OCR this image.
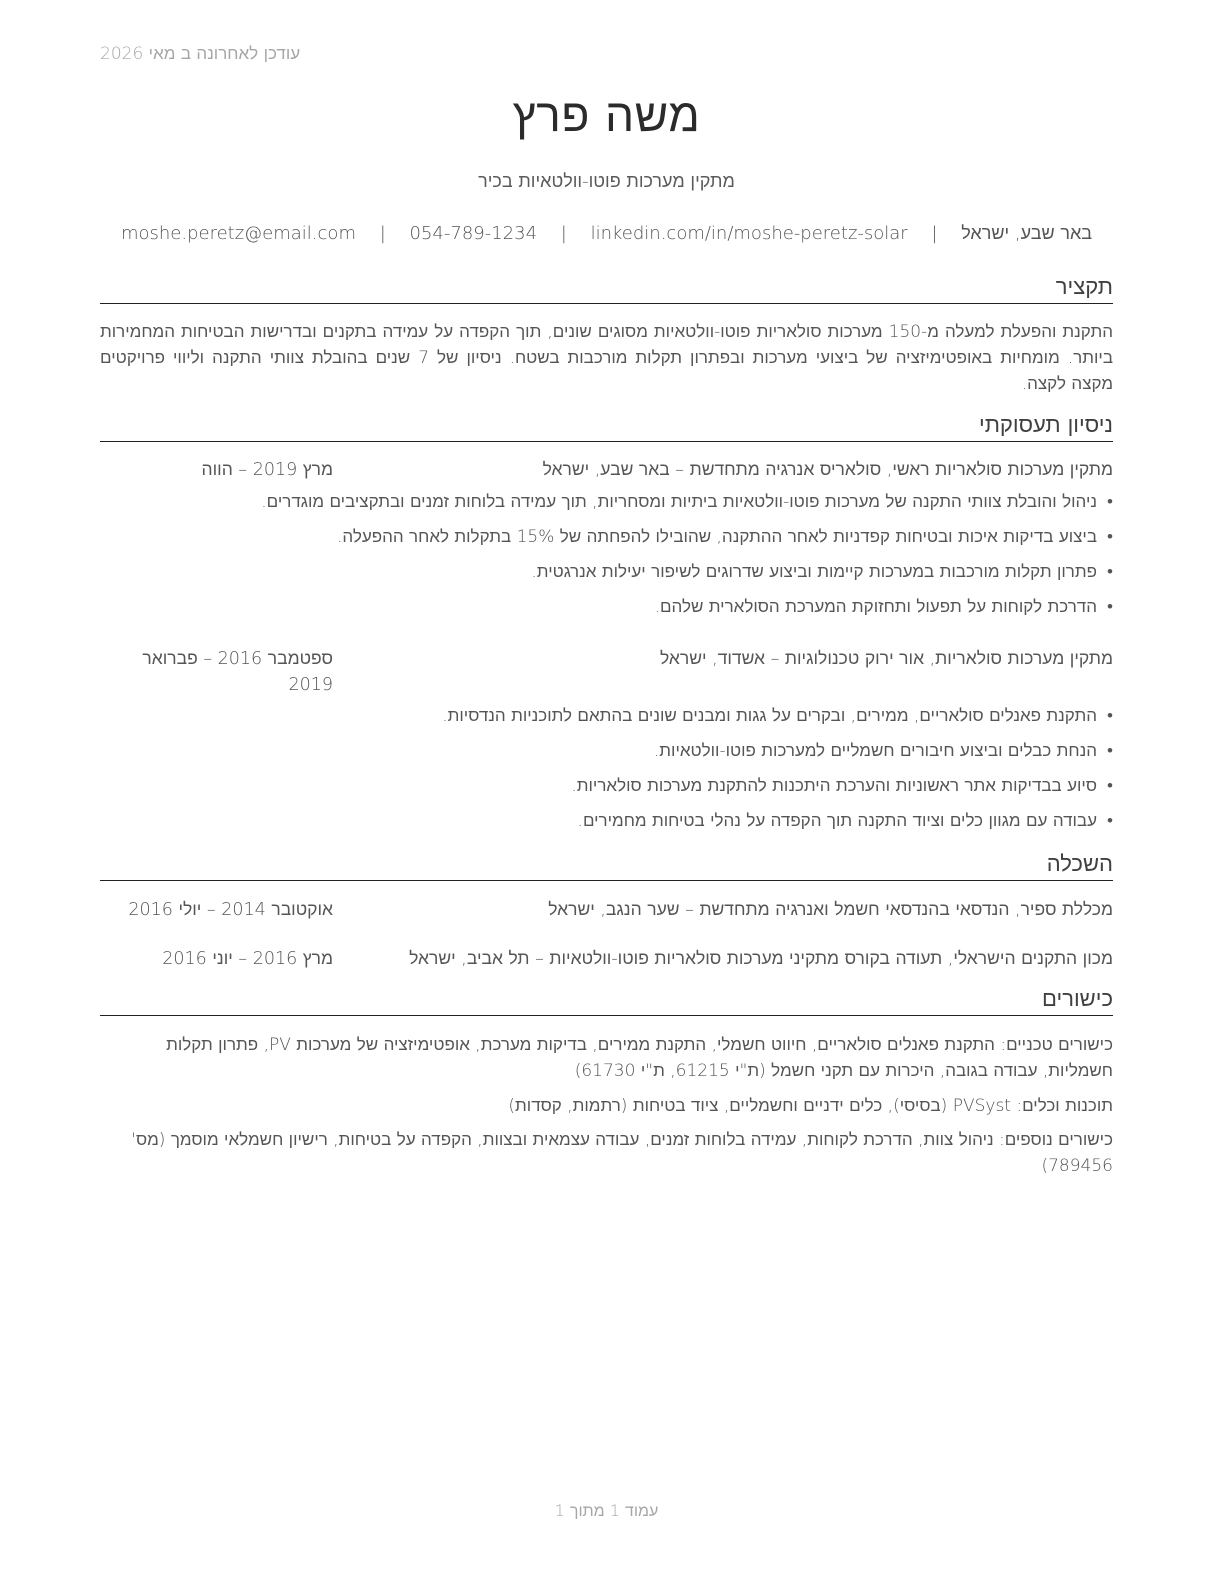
עודכן לאחרונה ב מאי 2026
משה פרץ
מתקין מערכות פוטו-וולטאיות בכיר
באר שבע, ישראל | moshe.peretz@email.com | 054-789-1234 | linkedin.com/in/moshe-peretz-solar
תקציר
התקנת והפעלת למעלה מ-150 מערכות סולאריות פוטו-וולטאיות מסוגים שונים, תוך הקפדה על עמידה בתקנים ובדרישות הבטיחות המחמירות ביותר. מומחיות באופטימיזציה של ביצועי מערכות ובפתרון תקלות מורכבות בשטח. ניסיון של 7 שנים בהובלת צוותי התקנה וליווי פרויקטים מקצה לקצה.
ניסיון תעסוקתי
מתקין מערכות סולאריות ראשי, סולאריס אנרגיה מתחדשת – באר שבע, ישראל
מרץ 2019 – הווה
• ניהול והובלת צוותי התקנה של מערכות פוטו-וולטאיות ביתיות ומסחריות, תוך עמידה בלוחות זמנים ובתקציבים מוגדרים.
• ביצוע בדיקות איכות ובטיחות קפדניות לאחר ההתקנה, שהובילו להפחתה של 15% בתקלות לאחר ההפעלה.
• פתרון תקלות מורכבות במערכות קיימות וביצוע שדרוגים לשיפור יעילות אנרגטית.
• הדרכת לקוחות על תפעול ותחזוקת המערכת הסולארית שלהם.
מתקין מערכות סולאריות, אור ירוק טכנולוגיות – אשדוד, ישראל
ספטמבר 2016 – פברואר 2019
• התקנת פאנלים סולאריים, ממירים, ובקרים על גגות ומבנים שונים בהתאם לתוכניות הנדסיות.
• הנחת כבלים וביצוע חיבורים חשמליים למערכות פוטו-וולטאיות.
• סיוע בבדיקות אתר ראשוניות והערכת היתכנות להתקנת מערכות סולאריות.
• עבודה עם מגוון כלים וציוד התקנה תוך הקפדה על נהלי בטיחות מחמירים.
השכלה
מכללת ספיר, הנדסאי בהנדסאי חשמל ואנרגיה מתחדשת – שער הנגב, ישראל
אוקטובר 2014 – יולי 2016
מכון התקנים הישראלי, תעודה בקורס מתקיני מערכות סולאריות פוטו-וולטאיות – תל אביב, ישראל
מרץ 2016 – יוני 2016
כישורים
כישורים טכניים: התקנת פאנלים סולאריים, חיווט חשמלי, התקנת ממירים, בדיקות מערכת, אופטימיזציה של מערכות PV, פתרון תקלות חשמליות, עבודה בגובה, היכרות עם תקני חשמל (ת"י 61215, ת"י 61730)
תוכנות וכלים: PVSyst (בסיסי), כלים ידניים וחשמליים, ציוד בטיחות (רתמות, קסדות)
כישורים נוספים: ניהול צוות, הדרכת לקוחות, עמידה בלוחות זמנים, עבודה עצמאית ובצוות, הקפדה על בטיחות, רישיון חשמלאי מוסמך (מס' 789456)
עמוד 1 מתוך 1
